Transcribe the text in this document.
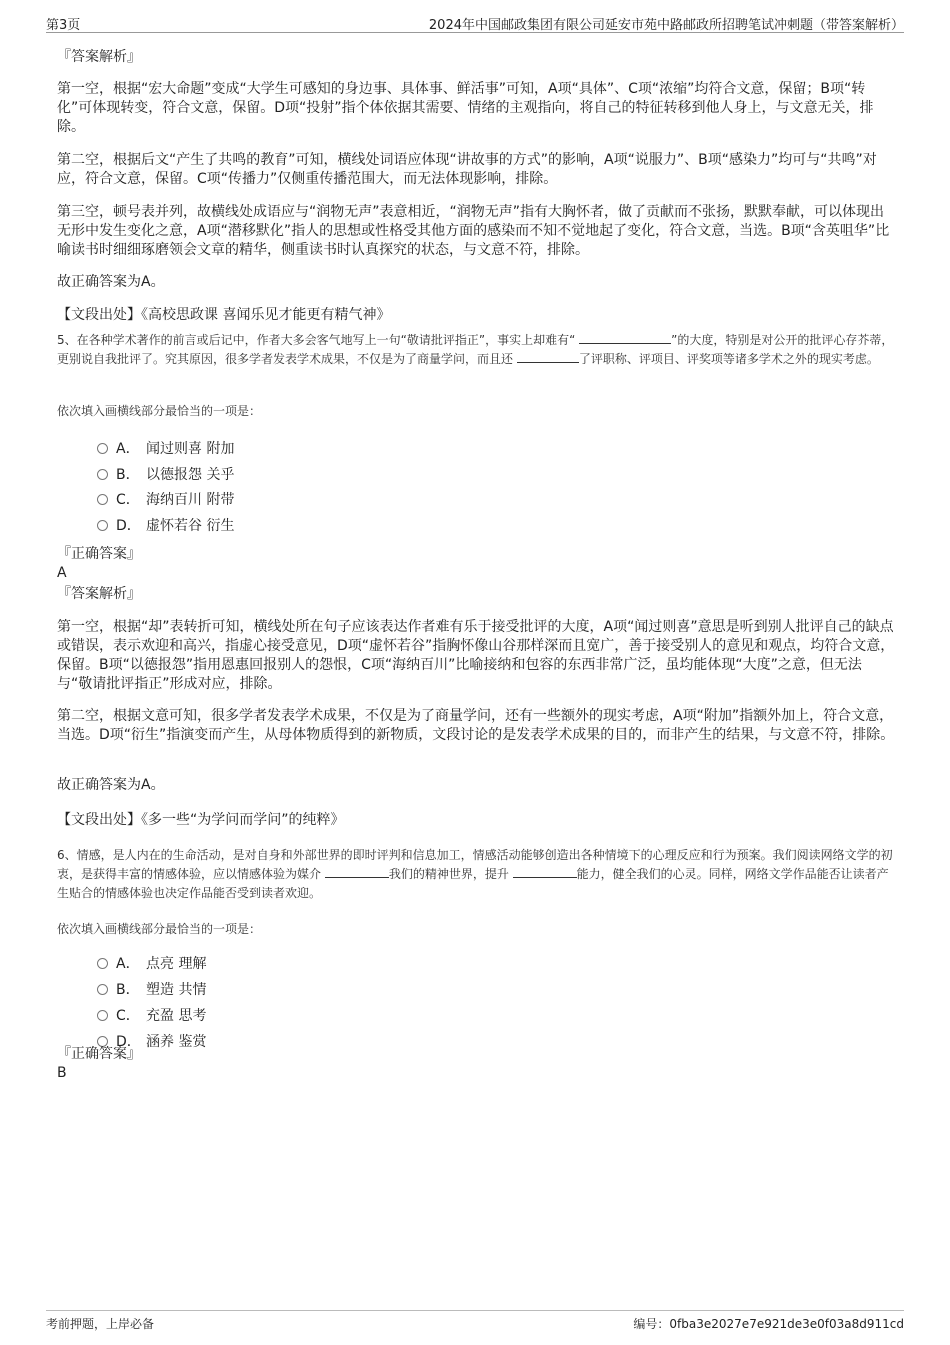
第3页	2024年中国邮政集团有限公司延安市苑中路邮政所招聘笔试冲刺题（带答案解析）
『答案解析』
第一空，根据“宏大命题”变成“大学生可感知的身边事、具体事、鲜活事”可知，A项“具体”、C项“浓缩”均符合文意，保留；B项“转化”可体现转变，符合文意，保留。D项“投射”指个体依据其需要、情绪的主观指向，将自己的特征转移到他人身上，与文意无关，排除。
第二空，根据后文“产生了共鸣的教育”可知，横线处词语应体现“讲故事的方式”的影响，A项“说服力”、B项“感染力”均可与“共鸣”对应，符合文意，保留。C项“传播力”仅侧重传播范围大，而无法体现影响，排除。
第三空，顿号表并列，故横线处成语应与“润物无声”表意相近，“润物无声”指有大胸怀者，做了贡献而不张扬，默默奉献，可以体现出无形中发生变化之意，A项“潜移默化”指人的思想或性格受其他方面的感染而不知不觉地起了变化，符合文意，当选。B项“含英咀华”比喻读书时细细琢磨领会文章的精华，侧重读书时认真探究的状态，与文意不符，排除。
故正确答案为A。
【文段出处】《高校思政课 喜闻乐见才能更有精气神》
5、在各种学术著作的前言或后记中，作者大多会客气地写上一句“敬请批评指正”，事实上却难有“	”的大度，特别是对公开的批评心存芥蒂，更别说自我批评了。究其原因，很多学者发表学术成果，不仅是为了商量学问，而且还	了评职称、评项目、评奖项等诸多学术之外的现实考虑。
依次填入画横线部分最恰当的一项是：
A． 闻过则喜 附加
B． 以德报怨 关乎
C． 海纳百川 附带
D． 虚怀若谷 衍生
『正确答案』
A
『答案解析』
第一空，根据“却”表转折可知，横线处所在句子应该表达作者难有乐于接受批评的大度，A项“闻过则喜”意思是听到别人批评自己的缺点或错误，表示欢迎和高兴，指虚心接受意见，D项“虚怀若谷”指胸怀像山谷那样深而且宽广，善于接受别人的意见和观点，均符合文意，保留。B项“以德报怨”指用恩惠回报别人的怨恨，C项“海纳百川”比喻接纳和包容的东西非常广泛，虽均能体现“大度”之意，但无法与“敬请批评指正”形成对应，排除。
第二空，根据文意可知，很多学者发表学术成果，不仅是为了商量学问，还有一些额外的现实考虑，A项“附加”指额外加上，符合文意，当选。D项“衍生”指演变而产生，从母体物质得到的新物质，文段讨论的是发表学术成果的目的，而非产生的结果，与文意不符，排除。
故正确答案为A。
【文段出处】《多一些“为学问而学问”的纯粹》
6、情感，是人内在的生命活动，是对自身和外部世界的即时评判和信息加工，情感活动能够创造出各种情境下的心理反应和行为预案。我们阅读网络文学的初衷，是获得丰富的情感体验，应以情感体验为媒介	我们的精神世界，提升	能力，健全我们的心灵。同样，网络文学作品能否让读者产生贴合的情感体验也决定作品能否受到读者欢迎。
依次填入画横线部分最恰当的一项是：
A． 点亮 理解
B． 塑造 共情
C． 充盈 思考
D． 涵养 鉴赏
『正确答案』
B
考前押题，上岸必备	编号：0fba3e2027e7e921de3e0f03a8d911cd
